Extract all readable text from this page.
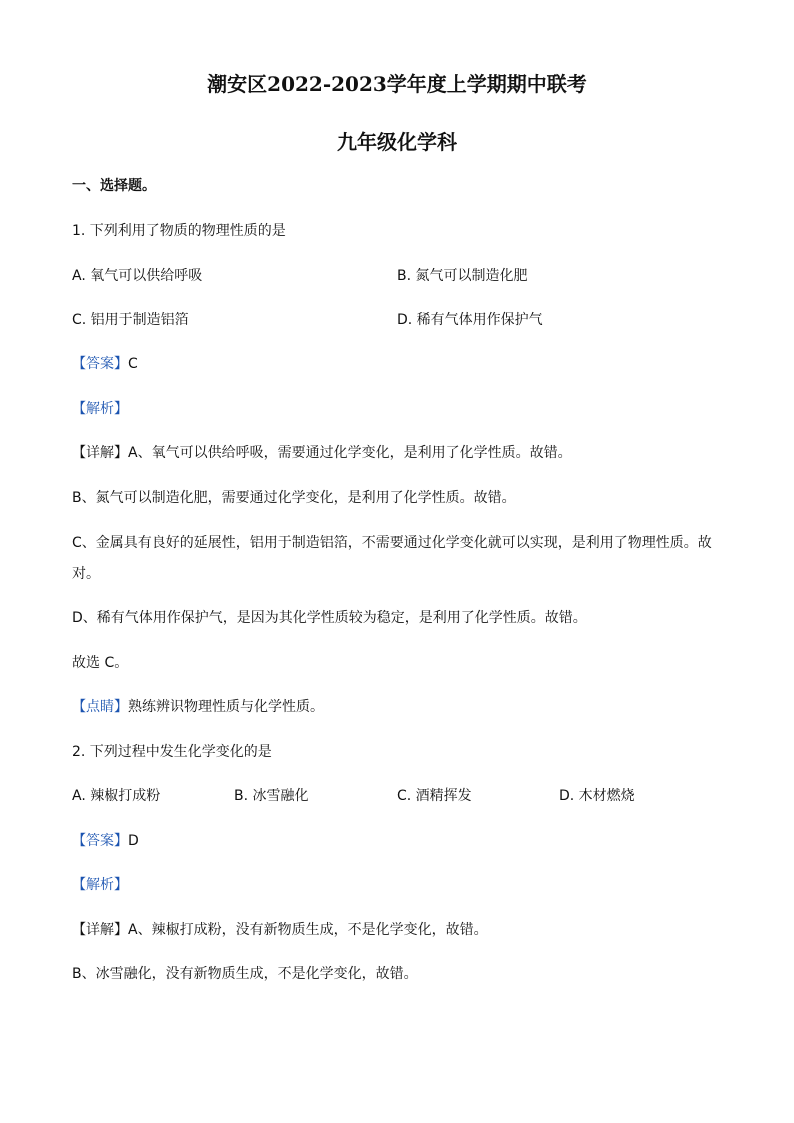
潮安区2022-2023学年度上学期期中联考
九年级化学科
一、选择题。
1. 下列利用了物质的物理性质的是
A. 氧气可以供给呼吸	B. 氮气可以制造化肥
C. 铝用于制造铝箔	D. 稀有气体用作保护气
【答案】C
【解析】
【详解】A、氧气可以供给呼吸，需要通过化学变化，是利用了化学性质。故错。
B、氮气可以制造化肥，需要通过化学变化，是利用了化学性质。故错。
C、金属具有良好的延展性，铝用于制造铝箔，不需要通过化学变化就可以实现，是利用了物理性质。故
对。
D、稀有气体用作保护气，是因为其化学性质较为稳定，是利用了化学性质。故错。
故选 C。
【点睛】熟练辨识物理性质与化学性质。
2. 下列过程中发生化学变化的是
A. 辣椒打成粉	B. 冰雪融化	C. 酒精挥发	D. 木材燃烧
【答案】D
【解析】
【详解】A、辣椒打成粉，没有新物质生成，不是化学变化，故错。
B、冰雪融化，没有新物质生成，不是化学变化，故错。
